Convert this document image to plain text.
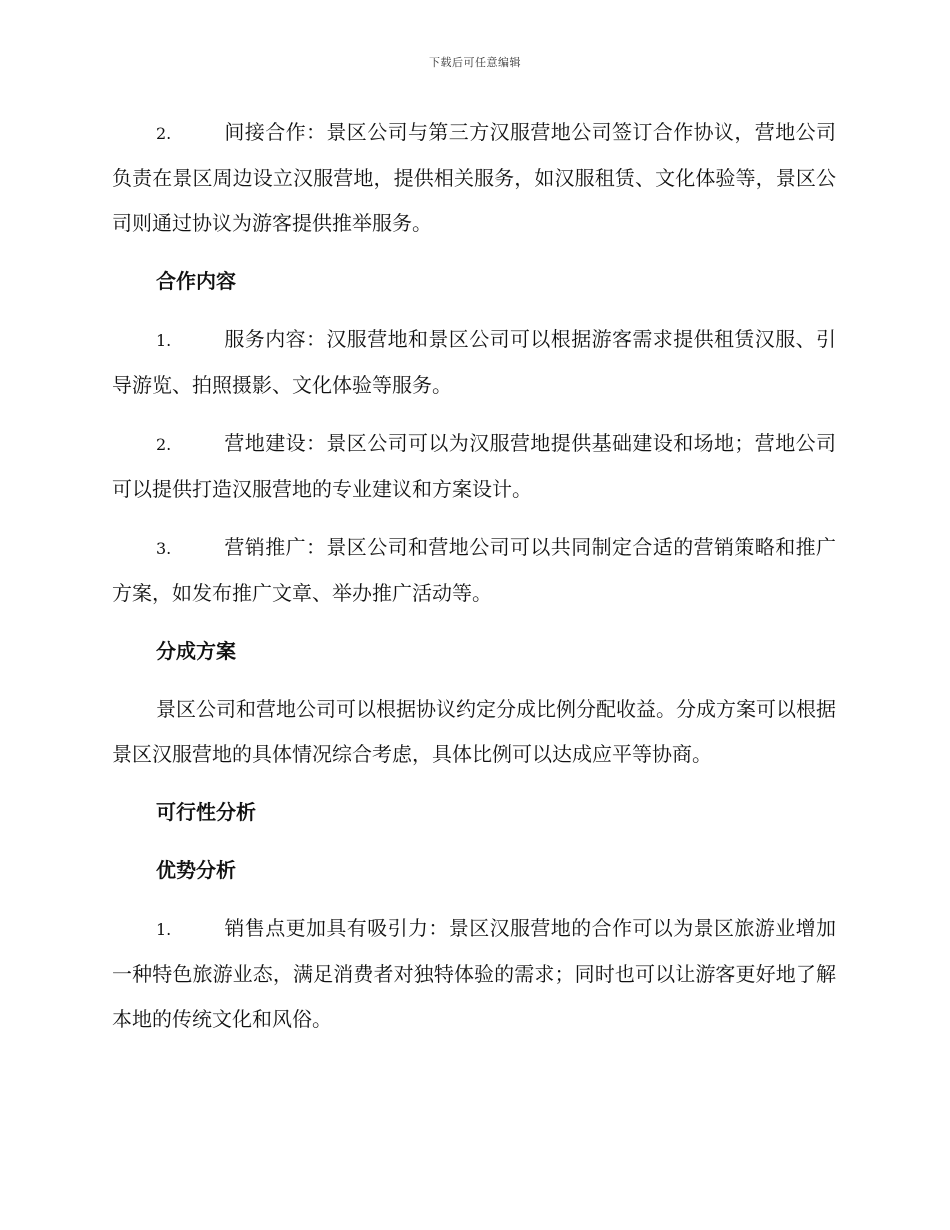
下载后可任意编辑

2.	间接合作：景区公司与第三方汉服营地公司签订合作协议，营地公司负责在景区周边设立汉服营地，提供相关服务，如汉服租赁、文化体验等，景区公司则通过协议为游客提供推举服务。

合作内容

1.	服务内容：汉服营地和景区公司可以根据游客需求提供租赁汉服、引导游览、拍照摄影、文化体验等服务。

2.	营地建设：景区公司可以为汉服营地提供基础建设和场地；营地公司可以提供打造汉服营地的专业建议和方案设计。

3.	营销推广：景区公司和营地公司可以共同制定合适的营销策略和推广方案，如发布推广文章、举办推广活动等。

分成方案

景区公司和营地公司可以根据协议约定分成比例分配收益。分成方案可以根据景区汉服营地的具体情况综合考虑，具体比例可以达成应平等协商。

可行性分析
优势分析

1.	销售点更加具有吸引力：景区汉服营地的合作可以为景区旅游业增加一种特色旅游业态，满足消费者对独特体验的需求；同时也可以让游客更好地了解本地的传统文化和风俗。
